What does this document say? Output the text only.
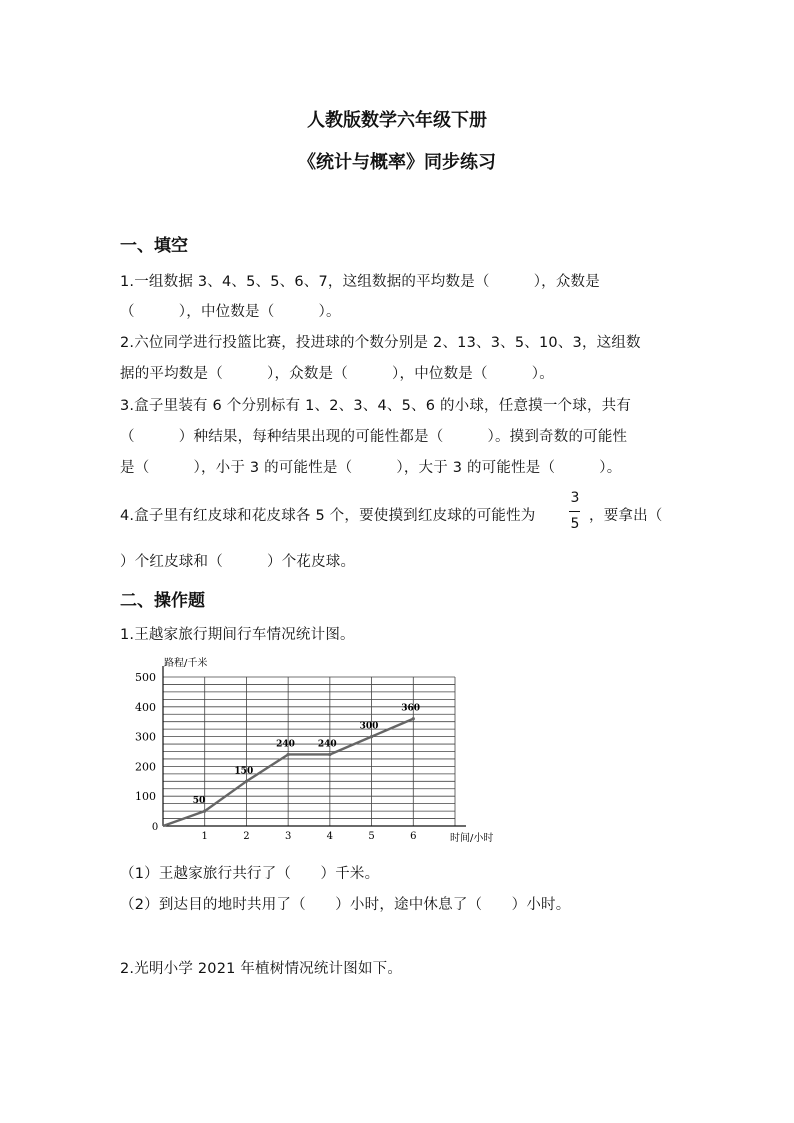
人教版数学六年级下册
《统计与概率》同步练习
一、填空
1.一组数据 3、4、5、5、6、7，这组数据的平均数是（　　　），众数是
（　　　），中位数是（　　　）。
2.六位同学进行投篮比赛，投进球的个数分别是 2、13、3、5、10、3，这组数
据的平均数是（　　　），众数是（　　　），中位数是（　　　）。
3.盒子里装有 6 个分别标有 1、2、3、4、5、6 的小球，任意摸一个球，共有
（　　　）种结果，每种结果出现的可能性都是（　　　）。摸到奇数的可能性
是（　　　），小于 3 的可能性是（　　　），大于 3 的可能性是（　　　）。
4.盒子里有红皮球和花皮球各 5 个，要使摸到红皮球的可能性为
3
5 ，要拿出（
）个红皮球和（　　　）个花皮球。
二、操作题
1.王越家旅行期间行车情况统计图。
100
200
300
400
500
0
1	2	3	4	5	6
50
150
240	240
300
360
路程/千米
时间/小时
（1）王越家旅行共行了（　　）千米。
（2）到达目的地时共用了（　　）小时，途中休息了（　　）小时。
2.光明小学 2021 年植树情况统计图如下。
